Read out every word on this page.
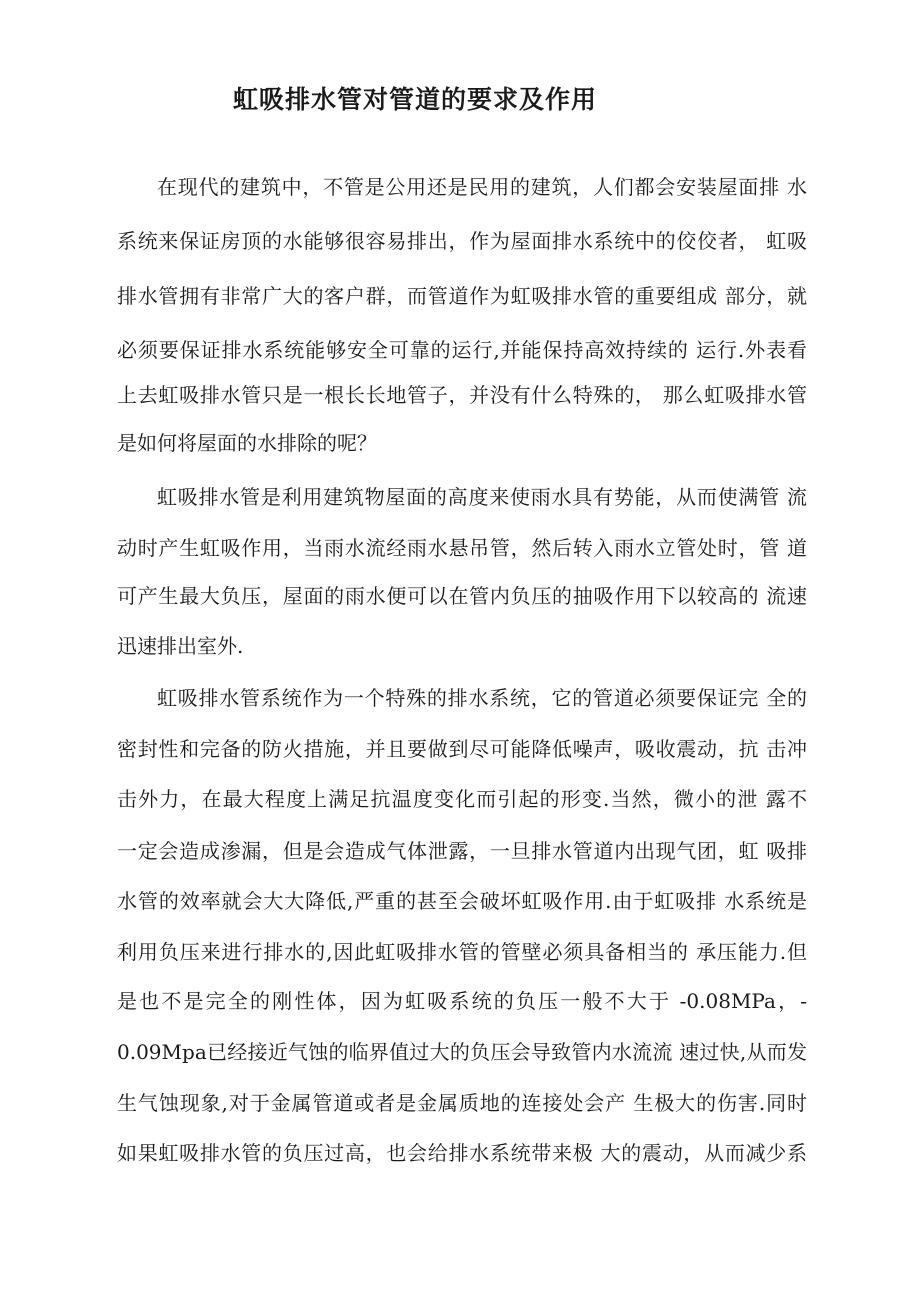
虹吸排水管对管道的要求及作用
在现代的建筑中，不管是公用还是民用的建筑，人们都会安装屋面排 水
系统来保证房顶的水能够很容易排出，作为屋面排水系统中的佼佼者， 虹吸
排水管拥有非常广大的客户群，而管道作为虹吸排水管的重要组成 部分，就
必须要保证排水系统能够安全可靠的运行,并能保持高效持续的 运行.外表看
上去虹吸排水管只是一根长长地管子，并没有什么特殊的， 那么虹吸排水管
是如何将屋面的水排除的呢？
虹吸排水管是利用建筑物屋面的高度来使雨水具有势能，从而使满管 流
动时产生虹吸作用，当雨水流经雨水悬吊管，然后转入雨水立管处时，管 道
可产生最大负压，屋面的雨水便可以在管内负压的抽吸作用下以较高的 流速
迅速排出室外.
虹吸排水管系统作为一个特殊的排水系统，它的管道必须要保证完 全的
密封性和完备的防火措施，并且要做到尽可能降低噪声，吸收震动，抗 击冲
击外力，在最大程度上满足抗温度变化而引起的形变.当然，微小的泄 露不
一定会造成渗漏，但是会造成气体泄露，一旦排水管道内出现气团，虹 吸排
水管的效率就会大大降低,严重的甚至会破坏虹吸作用.由于虹吸排 水系统是
利用负压来进行排水的,因此虹吸排水管的管壁必须具备相当的 承压能力.但
是也不是完全的刚性体，因为虹吸系统的负压一般不大于 -0.08MPa，-
0.09Mpa已经接近气蚀的临界值过大的负压会导致管内水流流 速过快,从而发
生气蚀现象,对于金属管道或者是金属质地的连接处会产 生极大的伤害.同时
如果虹吸排水管的负压过高，也会给排水系统带来极 大的震动，从而减少系
